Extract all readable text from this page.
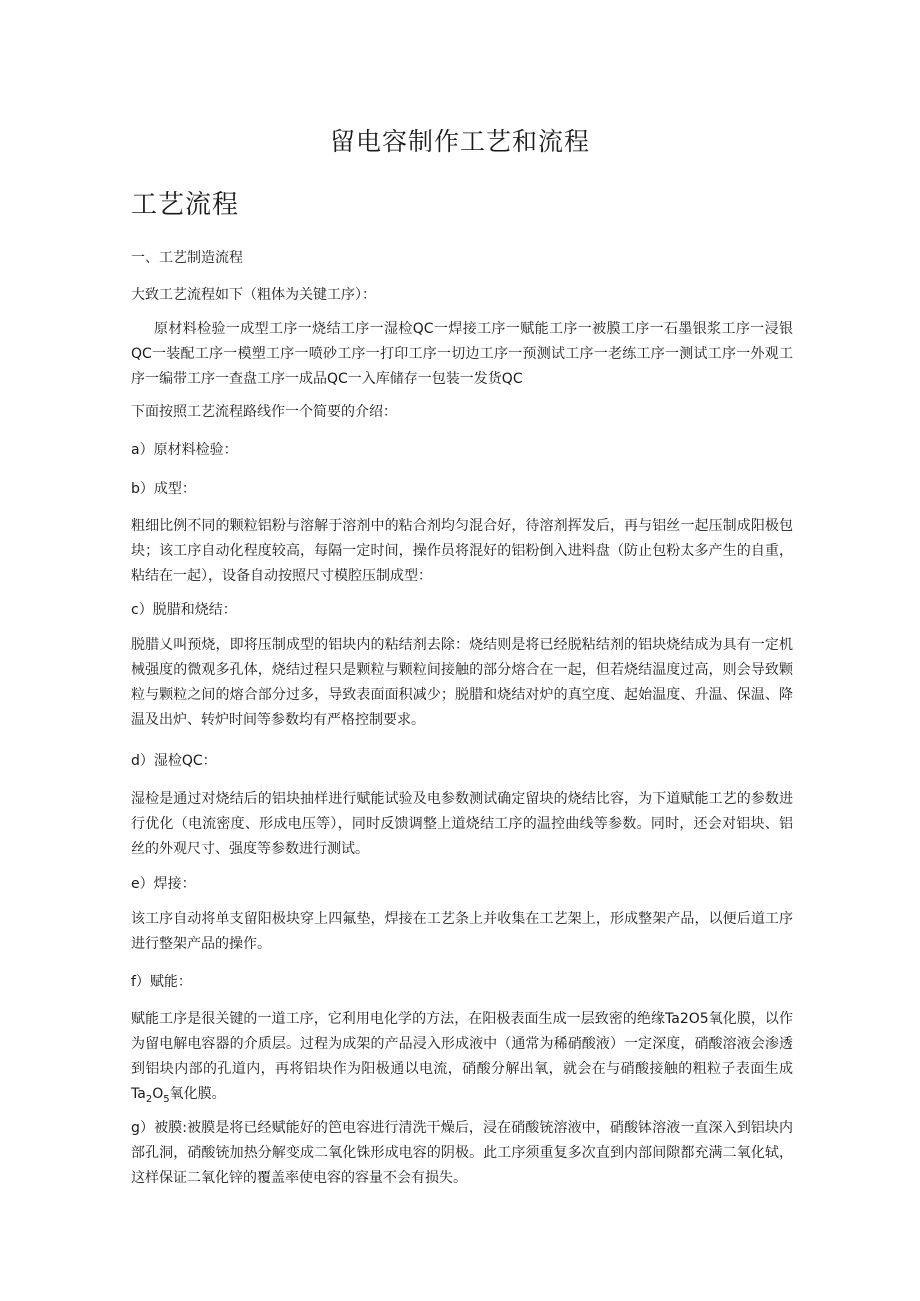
留电容制作工艺和流程
工艺流程
一、工艺制造流程
大致工艺流程如下（粗体为关键工序）：
原材料检验一成型工序一烧结工序一湿检QC一焊接工序一赋能工序一被膜工序一石墨银浆工序一浸银QC一装配工序一模塑工序一喷砂工序一打印工序一切边工序一预测试工序一老练工序一测试工序一外观工序一编带工序一查盘工序一成品QC一入库储存一包装一发货QC
下面按照工艺流程路线作一个简要的介绍：
a）原材料检验：
b）成型：
粗细比例不同的颗粒铝粉与溶解于溶剂中的粘合剂均匀混合好，待溶剂挥发后，再与铝丝一起压制成阳极包块；该工序自动化程度较高，每隔一定时间，操作员将混好的铝粉倒入进料盘（防止包粉太多产生的自重，粘结在一起），设备自动按照尺寸模腔压制成型：
c）脱腊和烧结：
脱腊乂叫预烧，即将压制成型的铝块内的粘结剂去除：烧结则是将已经脱粘结剂的铝块烧结成为具有一定机械强度的微观多孔体，烧结过程只是颗粒与颗粒间接触的部分熔合在一起，但若烧结温度过高，则会导致颗粒与颗粒之间的熔合部分过多，导致表面面积减少；脱腊和烧结对炉的真空度、起始温度、升温、保温、降温及出炉、转炉时间等参数均有严格控制要求。
d）湿检QC：
湿检是通过对烧结后的铝块抽样进行赋能试验及电参数测试确定留块的烧结比容，为下道赋能工艺的参数进行优化（电流密度、形成电压等），同时反馈调整上道烧结工序的温控曲线等参数。同时，还会对铝块、铝丝的外观尺寸、强度等参数进行测试。
e）焊接：
该工序自动将单支留阳极块穿上四氟垫，焊接在工艺条上并收集在工艺架上，形成整架产品，以便后道工序进行整架产品的操作。
f）赋能：
赋能工序是很关键的一道工序，它利用电化学的方法，在阳极表面生成一层致密的绝缘Ta2O5氧化膜，以作为留电解电容器的介质层。过程为成架的产品浸入形成液中（通常为稀硝酸液）一定深度，硝酸溶液会渗透到铝块内部的孔道内，再将铝块作为阳极通以电流，硝酸分解出氧，就会在与硝酸接触的粗粒子表面生成$Ta_2O_5$氧化膜。
g）被膜:被膜是将已经赋能好的笆电容进行清洗干燥后，浸在硝酸铳溶液中，硝酸钵溶液一直深入到铝块内部孔洞，硝酸铳加热分解变成二氧化铢形成电容的阴极。此工序须重复多次直到内部间隙都充满二氧化轼，这样保证二氧化锌的覆盖率使电容的容量不会有损失。
